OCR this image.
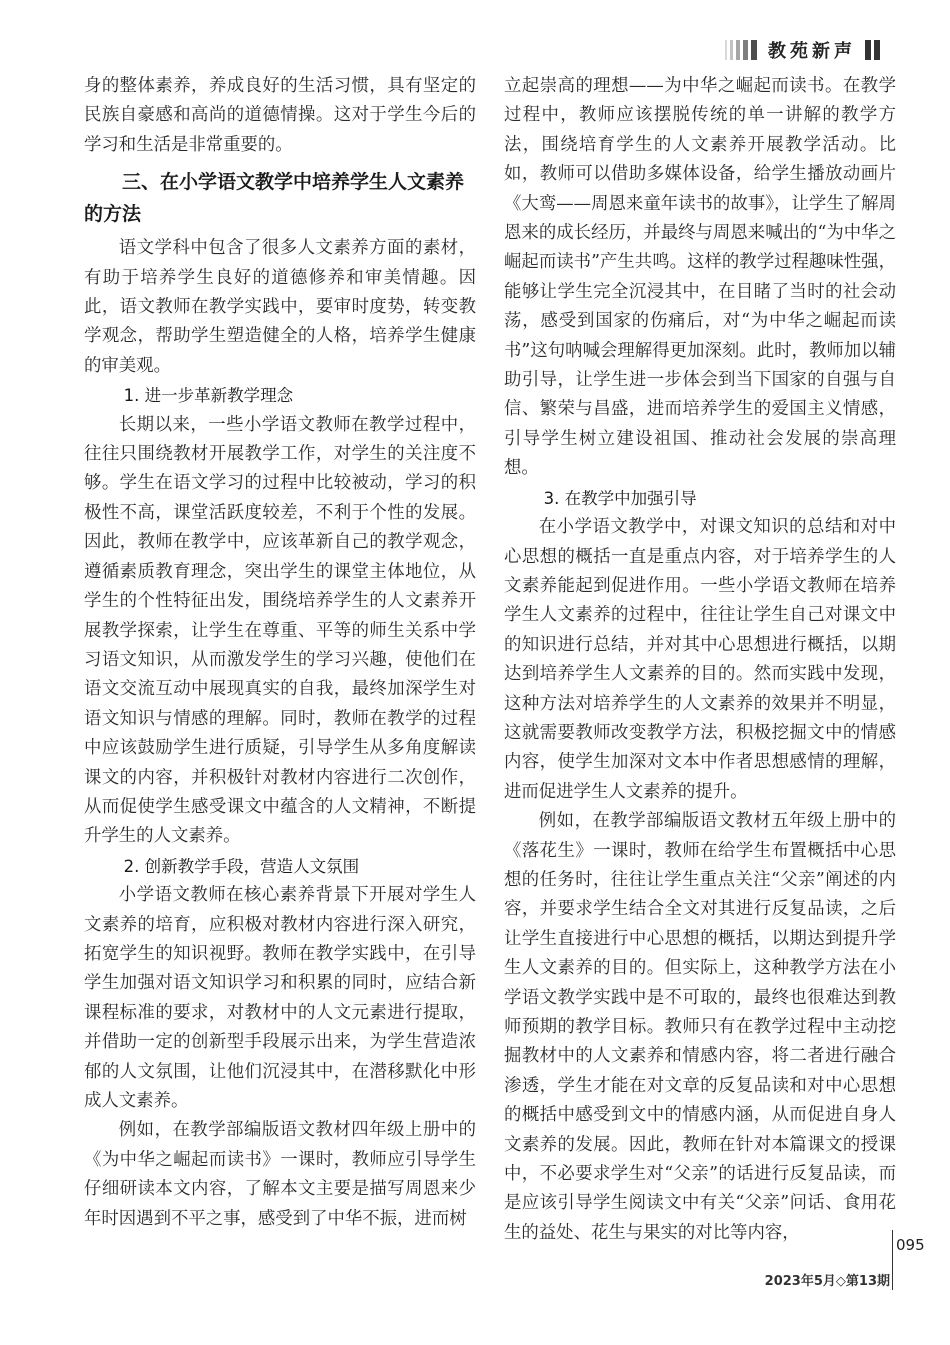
教苑新声

身的整体素养，养成良好的生活习惯，具有坚定的民族自豪感和高尚的道德情操。这对于学生今后的学习和生活是非常重要的。

三、在小学语文教学中培养学生人文素养的方法

语文学科中包含了很多人文素养方面的素材，有助于培养学生良好的道德修养和审美情趣。因此，语文教师在教学实践中，要审时度势，转变教学观念，帮助学生塑造健全的人格，培养学生健康的审美观。

1. 进一步革新教学理念

长期以来，一些小学语文教师在教学过程中，往往只围绕教材开展教学工作，对学生的关注度不够。学生在语文学习的过程中比较被动，学习的积极性不高，课堂活跃度较差，不利于个性的发展。因此，教师在教学中，应该革新自己的教学观念，遵循素质教育理念，突出学生的课堂主体地位，从学生的个性特征出发，围绕培养学生的人文素养开展教学探索，让学生在尊重、平等的师生关系中学习语文知识，从而激发学生的学习兴趣，使他们在语文交流互动中展现真实的自我，最终加深学生对语文知识与情感的理解。同时，教师在教学的过程中应该鼓励学生进行质疑，引导学生从多角度解读课文的内容，并积极针对教材内容进行二次创作，从而促使学生感受课文中蕴含的人文精神，不断提升学生的人文素养。

2. 创新教学手段，营造人文氛围

小学语文教师在核心素养背景下开展对学生人文素养的培育，应积极对教材内容进行深入研究，拓宽学生的知识视野。教师在教学实践中，在引导学生加强对语文知识学习和积累的同时，应结合新课程标准的要求，对教材中的人文元素进行提取，并借助一定的创新型手段展示出来，为学生营造浓郁的人文氛围，让他们沉浸其中，在潜移默化中形成人文素养。

例如，在教学部编版语文教材四年级上册中的《为中华之崛起而读书》一课时，教师应引导学生仔细研读本文内容，了解本文主要是描写周恩来少年时因遇到不平之事，感受到了中华不振，进而树

立起崇高的理想——为中华之崛起而读书。在教学过程中，教师应该摆脱传统的单一讲解的教学方法，围绕培育学生的人文素养开展教学活动。比如，教师可以借助多媒体设备，给学生播放动画片《大鸾——周恩来童年读书的故事》，让学生了解周恩来的成长经历，并最终与周恩来喊出的“为中华之崛起而读书”产生共鸣。这样的教学过程趣味性强，能够让学生完全沉浸其中，在目睹了当时的社会动荡，感受到国家的伤痛后，对“为中华之崛起而读书”这句呐喊会理解得更加深刻。此时，教师加以辅助引导，让学生进一步体会到当下国家的自强与自信、繁荣与昌盛，进而培养学生的爱国主义情感，引导学生树立建设祖国、推动社会发展的崇高理想。

3. 在教学中加强引导

在小学语文教学中，对课文知识的总结和对中心思想的概括一直是重点内容，对于培养学生的人文素养能起到促进作用。一些小学语文教师在培养学生人文素养的过程中，往往让学生自己对课文中的知识进行总结，并对其中心思想进行概括，以期达到培养学生人文素养的目的。然而实践中发现，这种方法对培养学生的人文素养的效果并不明显，这就需要教师改变教学方法，积极挖掘文中的情感内容，使学生加深对文本中作者思想感情的理解，进而促进学生人文素养的提升。

例如，在教学部编版语文教材五年级上册中的《落花生》一课时，教师在给学生布置概括中心思想的任务时，往往让学生重点关注“父亲”阐述的内容，并要求学生结合全文对其进行反复品读，之后让学生直接进行中心思想的概括，以期达到提升学生人文素养的目的。但实际上，这种教学方法在小学语文教学实践中是不可取的，最终也很难达到教师预期的教学目标。教师只有在教学过程中主动挖掘教材中的人文素养和情感内容，将二者进行融合渗透，学生才能在对文章的反复品读和对中心思想的概括中感受到文中的情感内涵，从而促进自身人文素养的发展。因此，教师在针对本篇课文的授课中，不必要求学生对“父亲”的话进行反复品读，而是应该引导学生阅读文中有关“父亲”问话、食用花生的益处、花生与果实的对比等内容，

095
2023年5月◇第13期
